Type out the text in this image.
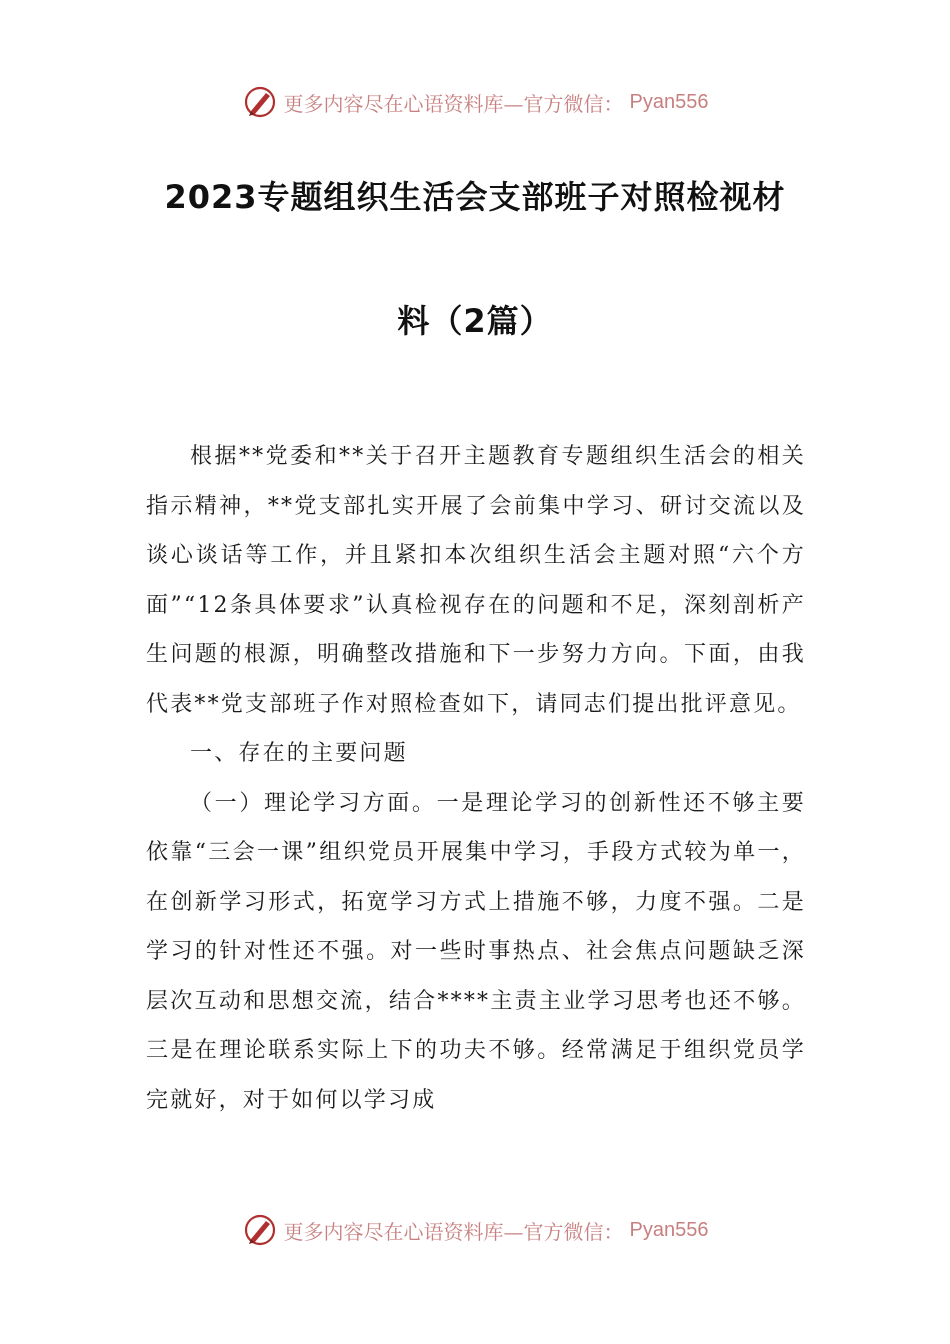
更多内容尽在心语资料库—官方微信： Pyan556
2023专题组织生活会支部班子对照检视材
料（2篇）

根据**党委和**关于召开主题教育专题组织生活会的相关指示精神，**党支部扎实开展了会前集中学习、研讨交流以及谈心谈话等工作，并且紧扣本次组织生活会主题对照“六个方面”“12条具体要求”认真检视存在的问题和不足，深刻剖析产生问题的根源，明确整改措施和下一步努力方向。下面，由我代表**党支部班子作对照检查如下，请同志们提出批评意见。

一、存在的主要问题

（一）理论学习方面。一是理论学习的创新性还不够主要依靠“三会一课”组织党员开展集中学习，手段方式较为单一，在创新学习形式，拓宽学习方式上措施不够，力度不强。二是学习的针对性还不强。对一些时事热点、社会焦点问题缺乏深层次互动和思想交流，结合****主责主业学习思考也还不够。三是在理论联系实际上下的功夫不够。经常满足于组织党员学完就好，对于如何以学习成

更多内容尽在心语资料库—官方微信： Pyan556
